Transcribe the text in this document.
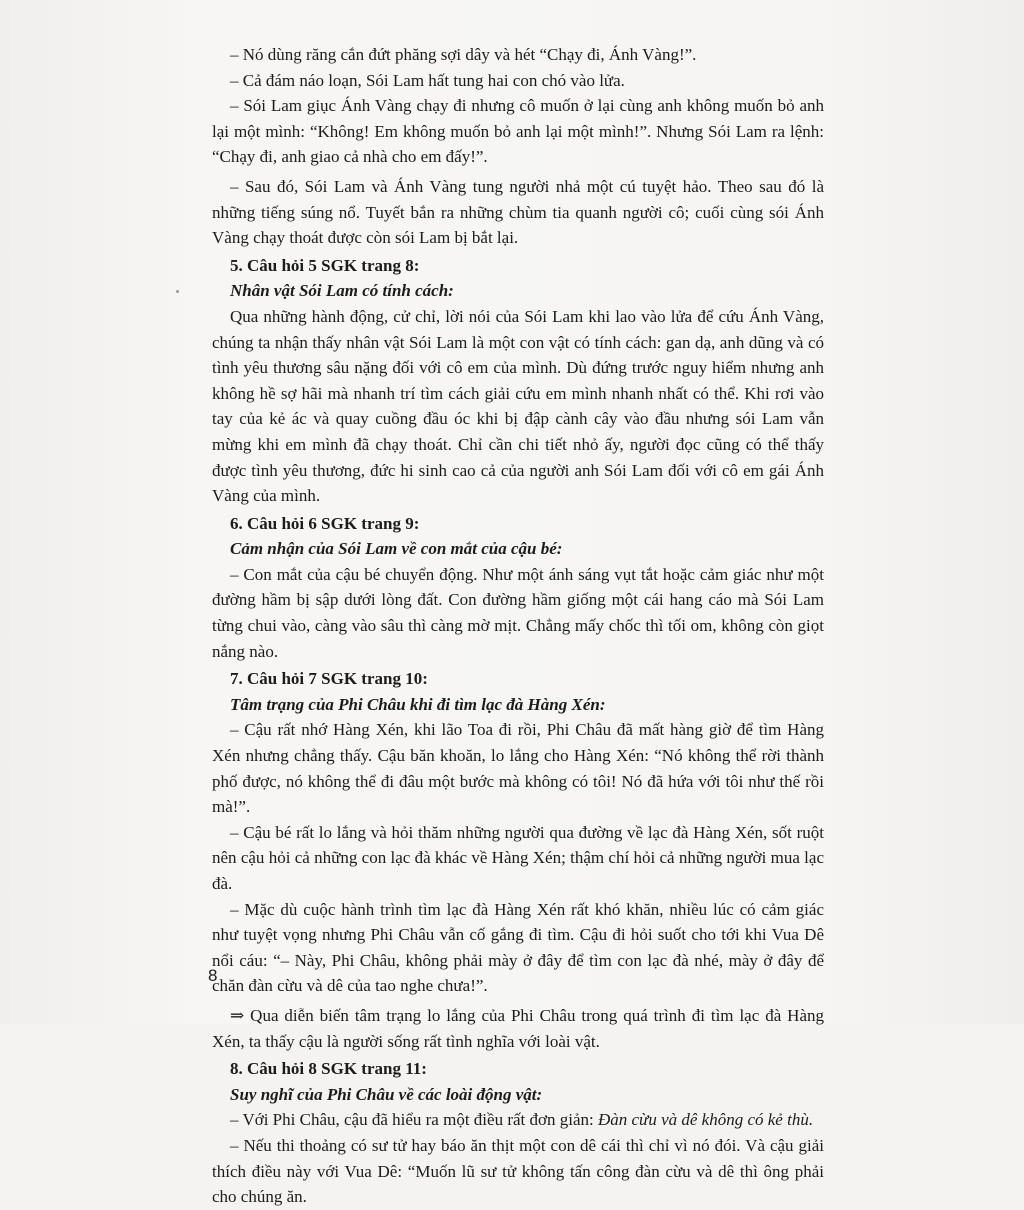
– Nó dùng răng cắn đứt phăng sợi dây và hét “Chạy đi, Ánh Vàng!”.

– Cả đám náo loạn, Sói Lam hất tung hai con chó vào lửa.

– Sói Lam giục Ánh Vàng chạy đi nhưng cô muốn ở lại cùng anh không muốn bỏ anh lại một mình: “Không! Em không muốn bỏ anh lại một mình!”. Nhưng Sói Lam ra lệnh: “Chạy đi, anh giao cả nhà cho em đấy!”.

– Sau đó, Sói Lam và Ánh Vàng tung người nhả một cú tuyệt hảo. Theo sau đó là những tiếng súng nổ. Tuyết bắn ra những chùm tia quanh người cô; cuối cùng sói Ánh Vàng chạy thoát được còn sói Lam bị bắt lại.

5. Câu hỏi 5 SGK trang 8:

Nhân vật Sói Lam có tính cách:

Qua những hành động, cử chỉ, lời nói của Sói Lam khi lao vào lửa để cứu Ánh Vàng, chúng ta nhận thấy nhân vật Sói Lam là một con vật có tính cách: gan dạ, anh dũng và có tình yêu thương sâu nặng đối với cô em của mình. Dù đứng trước nguy hiểm nhưng anh không hề sợ hãi mà nhanh trí tìm cách giải cứu em mình nhanh nhất có thể. Khi rơi vào tay của kẻ ác và quay cuồng đầu óc khi bị đập cành cây vào đầu nhưng sói Lam vẫn mừng khi em mình đã chạy thoát. Chỉ cần chi tiết nhỏ ấy, người đọc cũng có thể thấy được tình yêu thương, đức hi sinh cao cả của người anh Sói Lam đối với cô em gái Ánh Vàng của mình.

6. Câu hỏi 6 SGK trang 9:

Cảm nhận của Sói Lam về con mắt của cậu bé:

– Con mắt của cậu bé chuyển động. Như một ánh sáng vụt tắt hoặc cảm giác như một đường hầm bị sập dưới lòng đất. Con đường hầm giống một cái hang cáo mà Sói Lam từng chui vào, càng vào sâu thì càng mờ mịt. Chẳng mấy chốc thì tối om, không còn giọt nắng nào.

7. Câu hỏi 7 SGK trang 10:

Tâm trạng của Phi Châu khi đi tìm lạc đà Hàng Xén:

– Cậu rất nhớ Hàng Xén, khi lão Toa đi rồi, Phi Châu đã mất hàng giờ để tìm Hàng Xén nhưng chẳng thấy. Cậu băn khoăn, lo lắng cho Hàng Xén: “Nó không thể rời thành phố được, nó không thể đi đâu một bước mà không có tôi! Nó đã hứa với tôi như thế rồi mà!”.

– Cậu bé rất lo lắng và hỏi thăm những người qua đường về lạc đà Hàng Xén, sốt ruột nên cậu hỏi cả những con lạc đà khác về Hàng Xén; thậm chí hỏi cả những người mua lạc đà.

– Mặc dù cuộc hành trình tìm lạc đà Hàng Xén rất khó khăn, nhiều lúc có cảm giác như tuyệt vọng nhưng Phi Châu vẫn cố gắng đi tìm. Cậu đi hỏi suốt cho tới khi Vua Dê nổi cáu: “– Này, Phi Châu, không phải mày ở đây để tìm con lạc đà nhé, mày ở đây để chăn đàn cừu và dê của tao nghe chưa!”.

⇒ Qua diễn biến tâm trạng lo lắng của Phi Châu trong quá trình đi tìm lạc đà Hàng Xén, ta thấy cậu là người sống rất tình nghĩa với loài vật.

8. Câu hỏi 8 SGK trang 11:

Suy nghĩ của Phi Châu về các loài động vật:

– Với Phi Châu, cậu đã hiểu ra một điều rất đơn giản: Đàn cừu và dê không có kẻ thù.

– Nếu thi thoảng có sư tử hay báo ăn thịt một con dê cái thì chỉ vì nó đói. Và cậu giải thích điều này với Vua Dê: “Muốn lũ sư tử không tấn công đàn cừu và dê thì ông phải cho chúng ăn.

8
